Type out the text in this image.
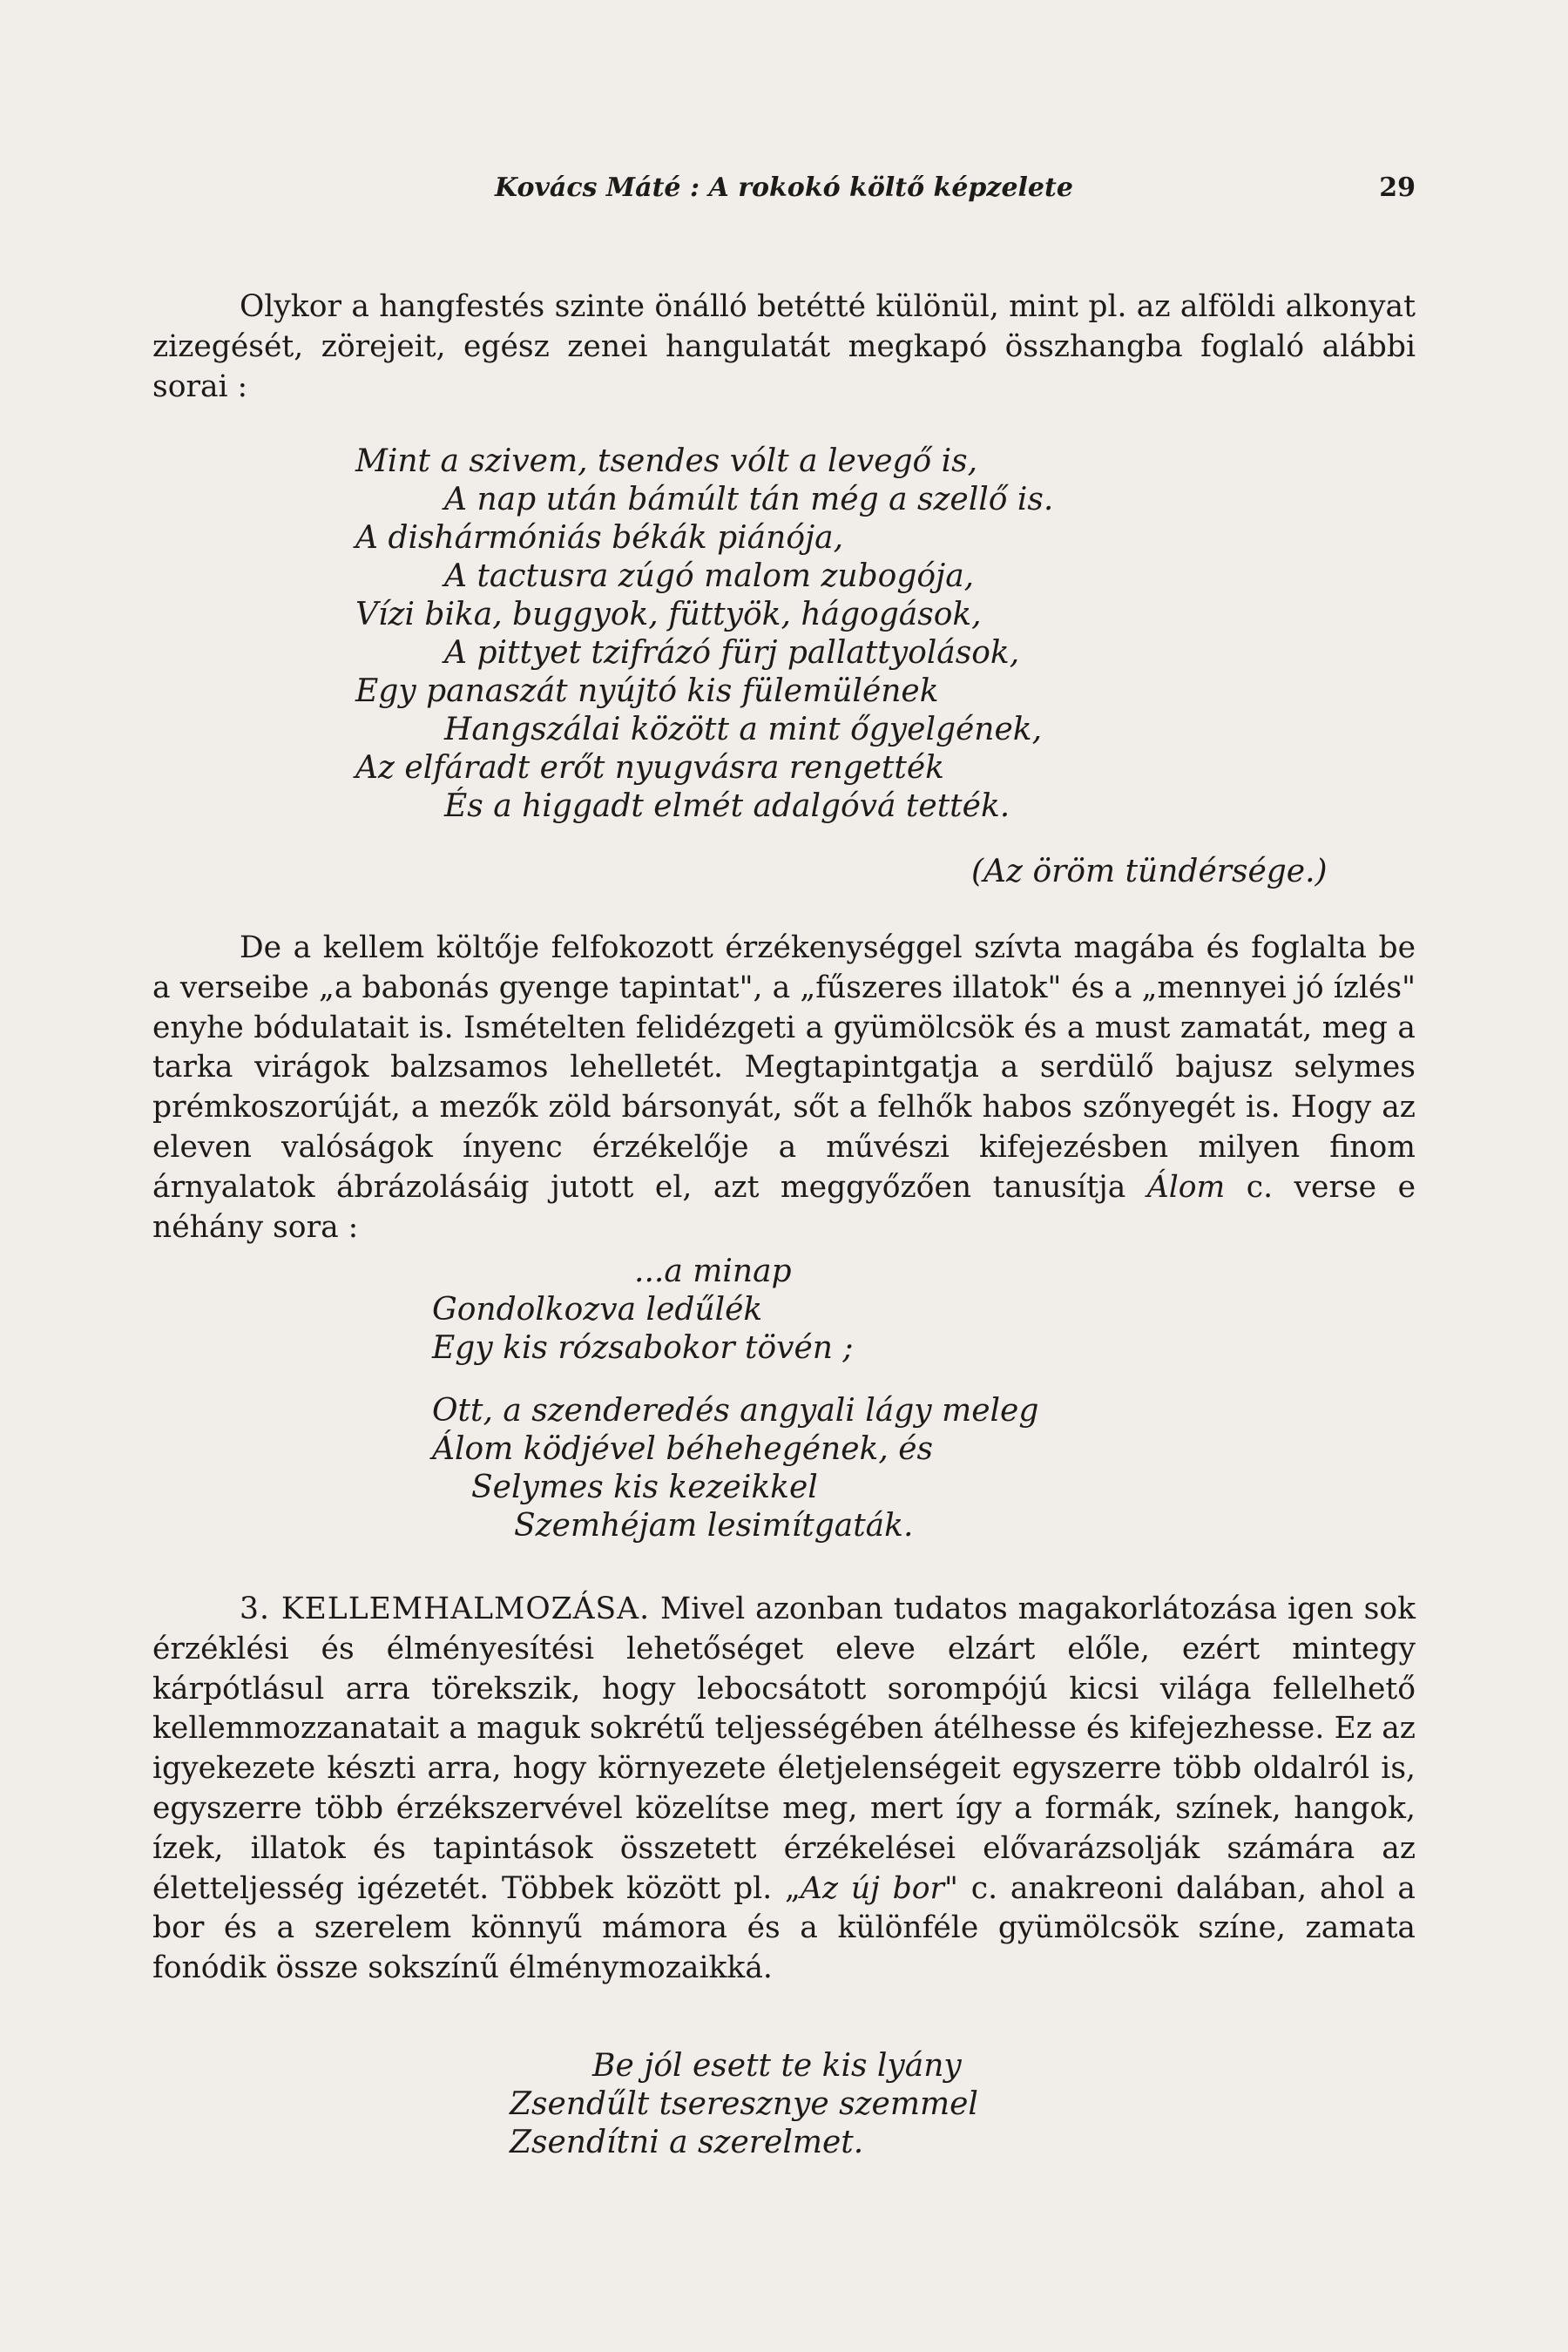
Kovács Máté : A rokokó költő képzelete	29

Olykor a hangfestés szinte önálló betétté különül, mint pl. az alföldi alkonyat zizegését, zörejeit, egész zenei hangulatát megkapó összhangba foglaló alábbi sorai :

Mint a szivem, tsendes vólt a levegő is,
A nap után bámúlt tán még a szellő is.
A dishármóniás békák piánója,
A tactusra zúgó malom zubogója,
Vízi bika, buggyok, füttyök, hágogások,
A pittyet tzifrázó fürj pallattyolások,
Egy panaszát nyújtó kis fülemülének
Hangszálai között a mint őgyelgének,
Az elfáradt erőt nyugvásra rengették
És a higgadt elmét adalgóvá tették.
(Az öröm tündérsége.)

De a kellem költője felfokozott érzékenységgel szívta magába és foglalta be a verseibe „a babonás gyenge tapintat", a „fűszeres illatok" és a „mennyei jó ízlés" enyhe bódulatait is. Ismételten felidézgeti a gyümölcsök és a must zamatát, meg a tarka virágok balzsamos lehelletét. Megtapintgatja a serdülő bajusz selymes prémkoszorúját, a mezők zöld bársonyát, sőt a felhők habos szőnyegét is. Hogy az eleven valóságok ínyenc érzékelője a művészi kifejezésben milyen finom árnyalatok ábrázolásáig jutott el, azt meggyőzően tanusítja Álom c. verse e néhány sora :

...a minap
Gondolkozva ledűlék
Egy kis rózsabokor tövén ;
Ott, a szenderedés angyali lágy meleg
Álom ködjével béhehegének, és
Selymes kis kezeikkel
Szemhéjam lesimítgaták.

3. KELLEMHALMOZÁSA. Mivel azonban tudatos magakorlátozása igen sok érzéklési és élményesítési lehetőséget eleve elzárt előle, ezért mintegy kárpótlásul arra törekszik, hogy lebocsátott sorompójú kicsi világa fellelhető kellemmozzanatait a maguk sokrétű teljességében átélhesse és kifejezhesse. Ez az igyekezete készti arra, hogy környezete életjelenségeit egyszerre több oldalról is, egyszerre több érzékszervével közelítse meg, mert így a formák, színek, hangok, ízek, illatok és tapintások összetett érzékelései elővarázsolják számára az életteljesség igézetét. Többek között pl. „Az új bor" c. anakreoni dalában, ahol a bor és a szerelem könnyű mámora és a különféle gyümölcsök színe, zamata fonódik össze sokszínű élménymozaikká.

Be jól esett te kis lyány
Zsendűlt tseresznye szemmel
Zsendítni a szerelmet.
